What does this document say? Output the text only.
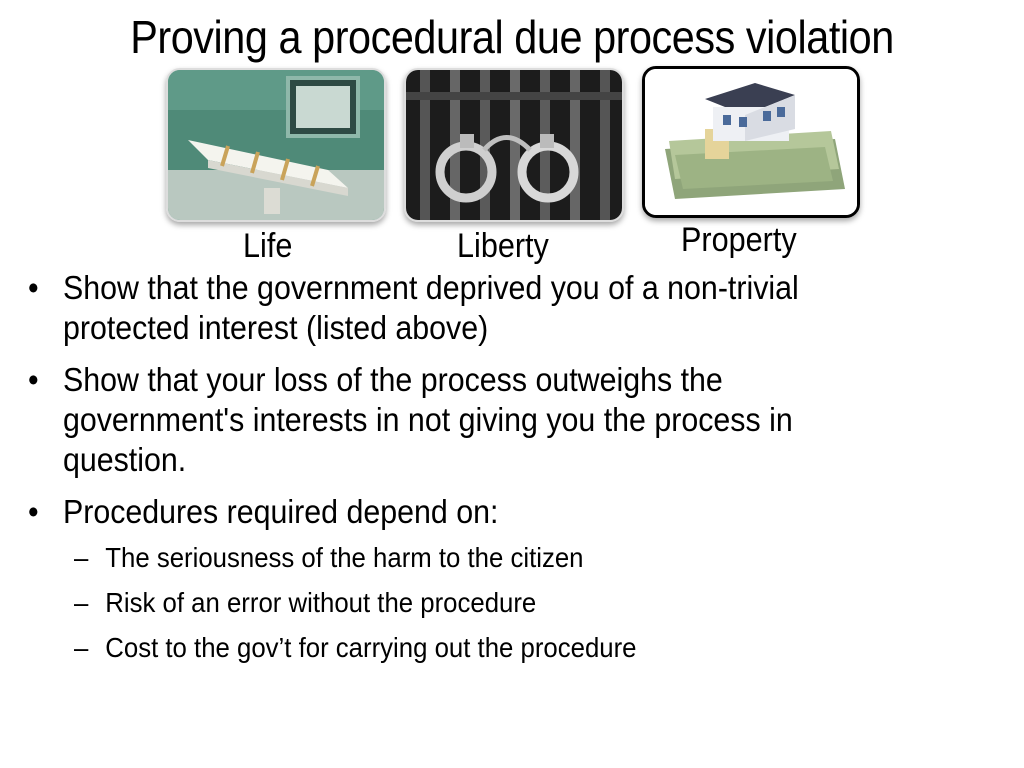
Proving a procedural due process violation
Life	Liberty	Property
• Show that the government deprived you of a non-trivial protected interest (listed above)
• Show that your loss of the process outweighs the government's interests in not giving you the process in question.
• Procedures required depend on:
– The seriousness of the harm to the citizen
– Risk of an error without the procedure
– Cost to the gov’t for carrying out the procedure
